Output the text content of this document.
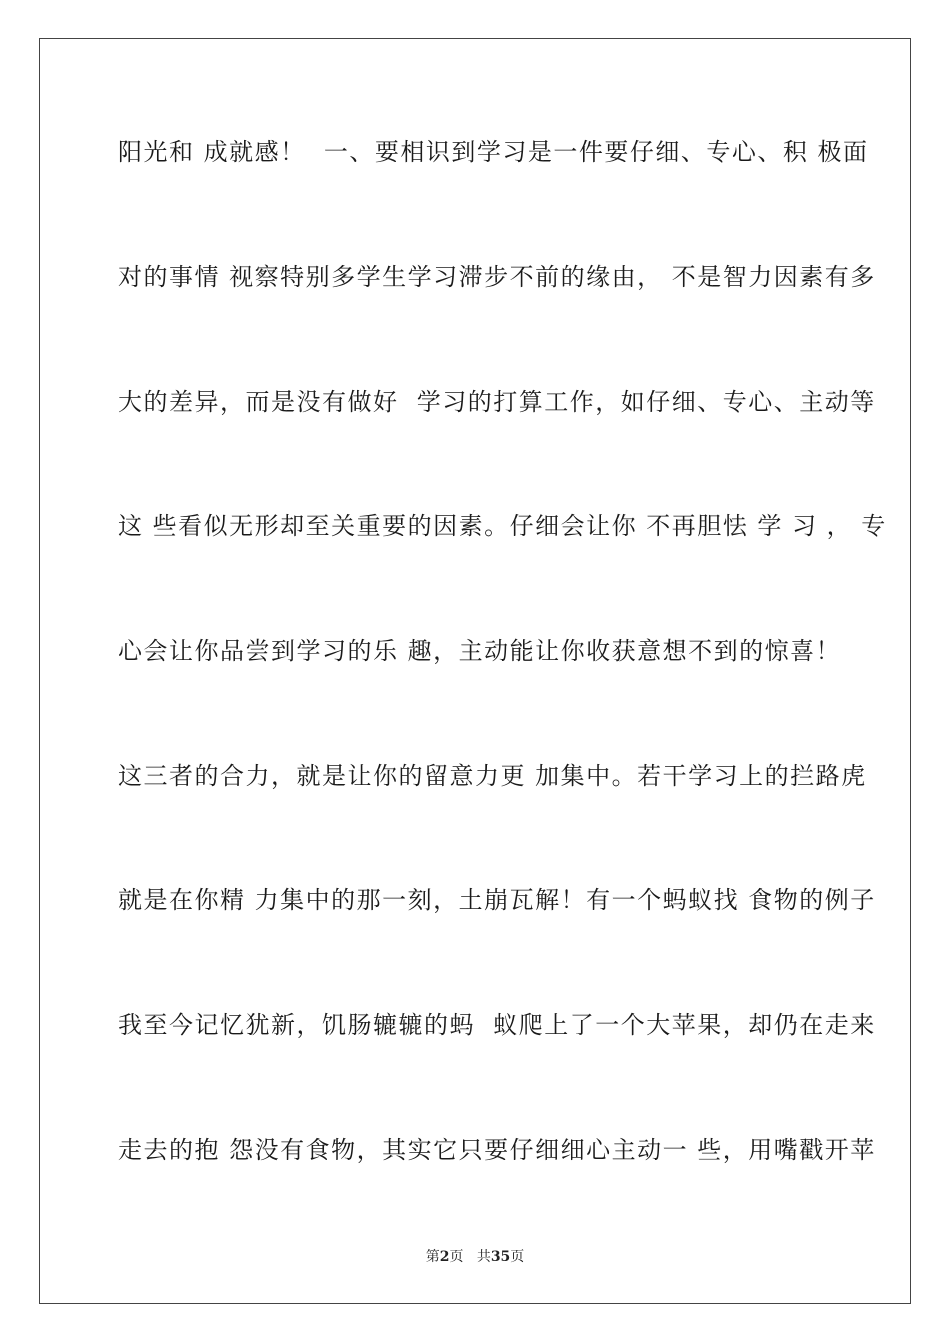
阳光和 成就感！  一、要相识到学习是一件要仔细、专心、积 极面
对的事情 视察特别多学生学习滞步不前的缘由， 不是智力因素有多
大的差异，而是没有做好  学习的打算工作，如仔细、专心、主动等
这 些看似无形却至关重要的因素。仔细会让你 不再胆怯 学 习 ， 专
心会让你品尝到学习的乐 趣，主动能让你收获意想不到的惊喜！
这三者的合力，就是让你的留意力更 加集中。若干学习上的拦路虎
就是在你精 力集中的那一刻，土崩瓦解！有一个蚂蚁找 食物的例子
我至今记忆犹新，饥肠辘辘的蚂  蚁爬上了一个大苹果，却仍在走来
走去的抱 怨没有食物，其实它只要仔细细心主动一 些，用嘴戳开苹
第2页 共35页
